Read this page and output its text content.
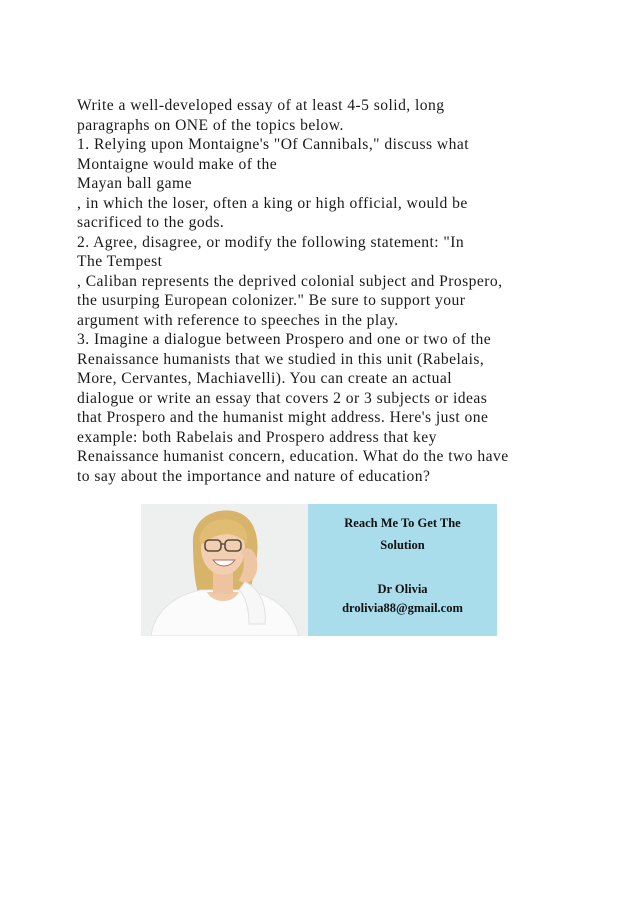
Write a well-developed essay of at least 4-5 solid, long
paragraphs on ONE of the topics below.
1. Relying upon Montaigne's "Of Cannibals," discuss what
Montaigne would make of the
Mayan ball game
, in which the loser, often a king or high official, would be
sacrificed to the gods.
2. Agree, disagree, or modify the following statement: "In
The Tempest
, Caliban represents the deprived colonial subject and Prospero,
the usurping European colonizer." Be sure to support your
argument with reference to speeches in the play.
3. Imagine a dialogue between Prospero and one or two of the
Renaissance humanists that we studied in this unit (Rabelais,
More, Cervantes, Machiavelli). You can create an actual
dialogue or write an essay that covers 2 or 3 subjects or ideas
that Prospero and the humanist might address. Here's just one
example: both Rabelais and Prospero address that key
Renaissance humanist concern, education. What do the two have
to say about the importance and nature of education?
Reach Me To Get The
Solution
Dr Olivia
drolivia88@gmail.com
